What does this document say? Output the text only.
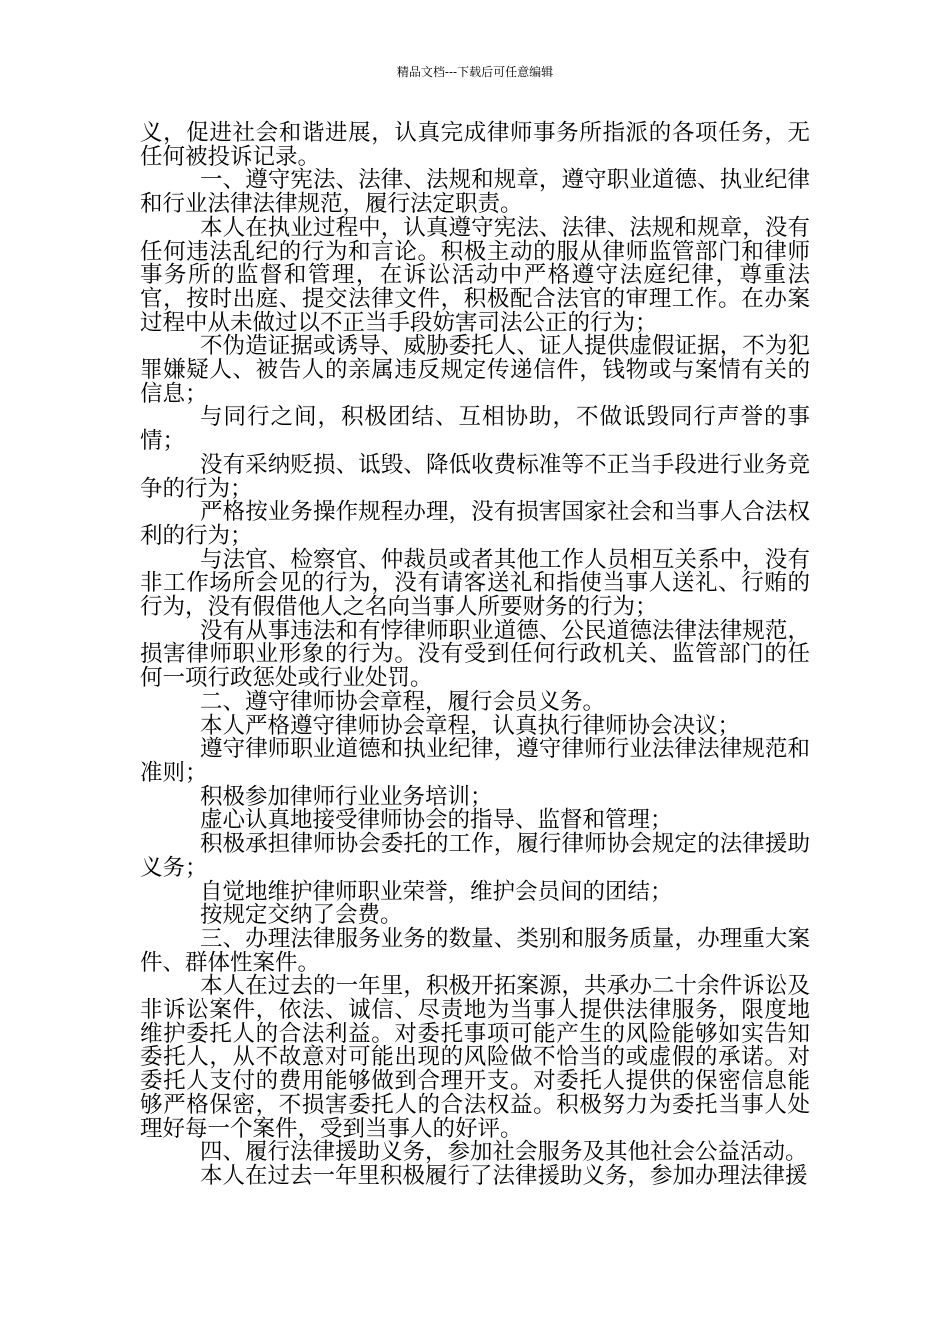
精品文档---下载后可任意编辑

义，促进社会和谐进展，认真完成律师事务所指派的各项任务，无任何被投诉记录。

一、遵守宪法、法律、法规和规章，遵守职业道德、执业纪律和行业法律法律规范，履行法定职责。

本人在执业过程中，认真遵守宪法、法律、法规和规章，没有任何违法乱纪的行为和言论。积极主动的服从律师监管部门和律师事务所的监督和管理，在诉讼活动中严格遵守法庭纪律，尊重法官，按时出庭、提交法律文件，积极配合法官的审理工作。在办案过程中从未做过以不正当手段妨害司法公正的行为；

不伪造证据或诱导、威胁委托人、证人提供虚假证据，不为犯罪嫌疑人、被告人的亲属违反规定传递信件，钱物或与案情有关的信息；

与同行之间，积极团结、互相协助，不做诋毁同行声誉的事情；

没有采纳贬损、诋毁、降低收费标准等不正当手段进行业务竞争的行为；

严格按业务操作规程办理，没有损害国家社会和当事人合法权利的行为；

与法官、检察官、仲裁员或者其他工作人员相互关系中，没有非工作场所会见的行为，没有请客送礼和指使当事人送礼、行贿的行为，没有假借他人之名向当事人所要财务的行为；

没有从事违法和有悖律师职业道德、公民道德法律法律规范，损害律师职业形象的行为。没有受到任何行政机关、监管部门的任何一项行政惩处或行业处罚。

二、遵守律师协会章程，履行会员义务。

本人严格遵守律师协会章程，认真执行律师协会决议；

遵守律师职业道德和执业纪律，遵守律师行业法律法律规范和准则；

积极参加律师行业业务培训；

虚心认真地接受律师协会的指导、监督和管理；

积极承担律师协会委托的工作，履行律师协会规定的法律援助义务；

自觉地维护律师职业荣誉，维护会员间的团结；

按规定交纳了会费。

三、办理法律服务业务的数量、类别和服务质量，办理重大案件、群体性案件。

本人在过去的一年里，积极开拓案源，共承办二十余件诉讼及非诉讼案件，依法、诚信、尽责地为当事人提供法律服务，限度地维护委托人的合法利益。对委托事项可能产生的风险能够如实告知委托人，从不故意对可能出现的风险做不恰当的或虚假的承诺。对委托人支付的费用能够做到合理开支。对委托人提供的保密信息能够严格保密，不损害委托人的合法权益。积极努力为委托当事人处理好每一个案件，受到当事人的好评。

四、履行法律援助义务，参加社会服务及其他社会公益活动。

本人在过去一年里积极履行了法律援助义务，参加办理法律援
